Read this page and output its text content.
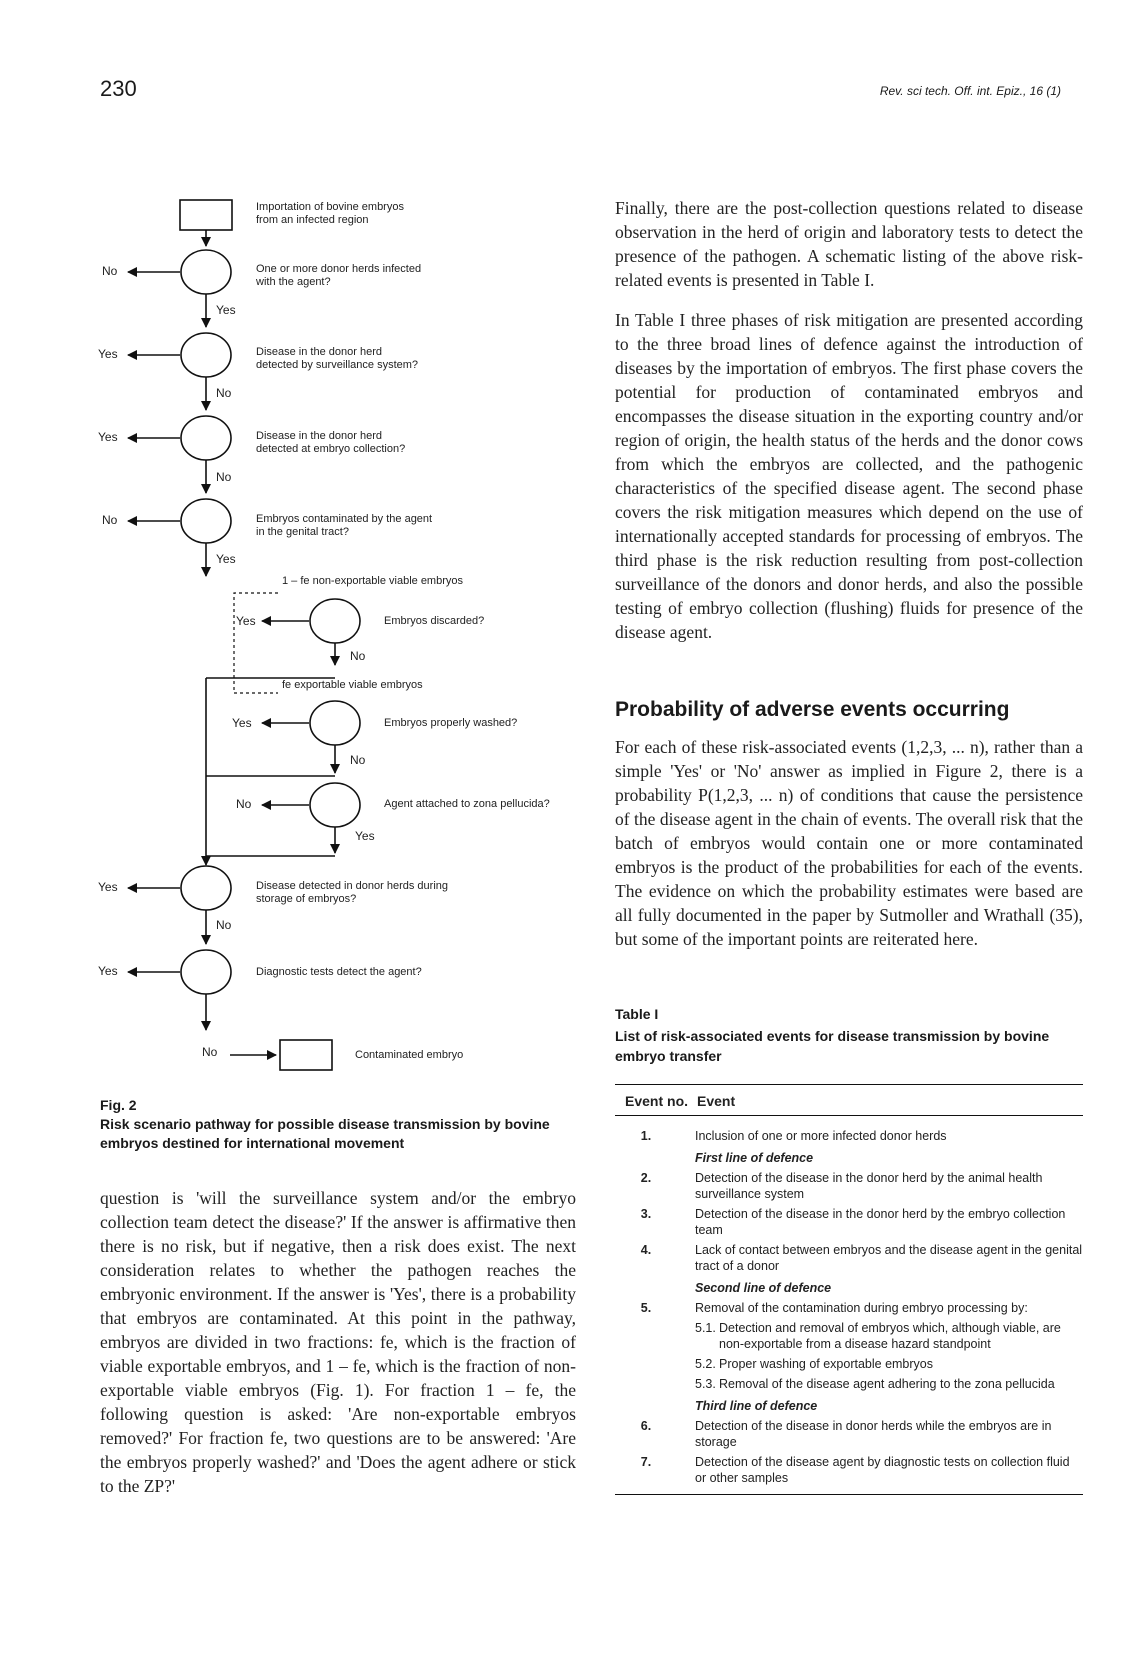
230	Rev. sci tech. Off. int. Epiz., 16 (1)
Importation of bovine embryos from an infected region
One or more donor herds infected with the agent?
Disease in the donor herd detected by surveillance system?
Disease in the donor herd detected at embryo collection?
Embryos contaminated by the agent in the genital tract?
1 – fe non-exportable viable embryos
Embryos discarded?
fe exportable viable embryos
Embryos properly washed?
Agent attached to zona pellucida?
Disease detected in donor herds during storage of embryos?
Diagnostic tests detect the agent?
Contaminated embryo
No
Yes
Yes
No
Yes
No
No
Yes
Yes
No
Yes
No
No
Yes
Yes
No
Yes
No
Fig. 2
Risk scenario pathway for possible disease transmission by bovine embryos destined for international movement

question is 'will the surveillance system and/or the embryo collection team detect the disease?' If the answer is affirmative then there is no risk, but if negative, then a risk does exist. The next consideration relates to whether the pathogen reaches the embryonic environment. If the answer is 'Yes', there is a probability that embryos are contaminated. At this point in the pathway, embryos are divided in two fractions: fe, which is the fraction of viable exportable embryos, and 1 – fe, which is the fraction of non-exportable viable embryos (Fig. 1). For fraction 1 – fe, the following question is asked: 'Are non-exportable embryos removed?' For fraction fe, two questions are to be answered: 'Are the embryos properly washed?' and 'Does the agent adhere or stick to the ZP?'

Finally, there are the post-collection questions related to disease observation in the herd of origin and laboratory tests to detect the presence of the pathogen. A schematic listing of the above risk-related events is presented in Table I.

In Table I three phases of risk mitigation are presented according to the three broad lines of defence against the introduction of diseases by the importation of embryos. The first phase covers the potential for production of contaminated embryos and encompasses the disease situation in the exporting country and/or region of origin, the health status of the herds and the donor cows from which the embryos are collected, and the pathogenic characteristics of the specified disease agent. The second phase covers the risk mitigation measures which depend on the use of internationally accepted standards for processing of embryos. The third phase is the risk reduction resulting from post-collection surveillance of the donors and donor herds, and also the possible testing of embryo collection (flushing) fluids for presence of the disease agent.

Probability of adverse events occurring

For each of these risk-associated events (1,2,3, ... n), rather than a simple 'Yes' or 'No' answer as implied in Figure 2, there is a probability P(1,2,3, ... n) of conditions that cause the persistence of the disease agent in the chain of events. The overall risk that the batch of embryos would contain one or more contaminated embryos is the product of the probabilities for each of the events. The evidence on which the probability estimates were based are all fully documented in the paper by Sutmoller and Wrathall (35), but some of the important points are reiterated here.

Table I
List of risk-associated events for disease transmission by bovine embryo transfer
Event no.	Event
1.	Inclusion of one or more infected donor herds
	First line of defence
2.	Detection of the disease in the donor herd by the animal health surveillance system
3.	Detection of the disease in the donor herd by the embryo collection team
4.	Lack of contact between embryos and the disease agent in the genital tract of a donor
	Second line of defence
5.	Removal of the contamination during embryo processing by:

	5.1. Detection and removal of embryos which, although viable, are non-exportable from a disease hazard standpoint

	5.2. Proper washing of exportable embryos

	5.3. Removal of the disease agent adhering to the zona pellucida

	Third line of defence
6.	Detection of the disease in donor herds while the embryos are in storage
7.	Detection of the disease agent by diagnostic tests on collection fluid or other samples
